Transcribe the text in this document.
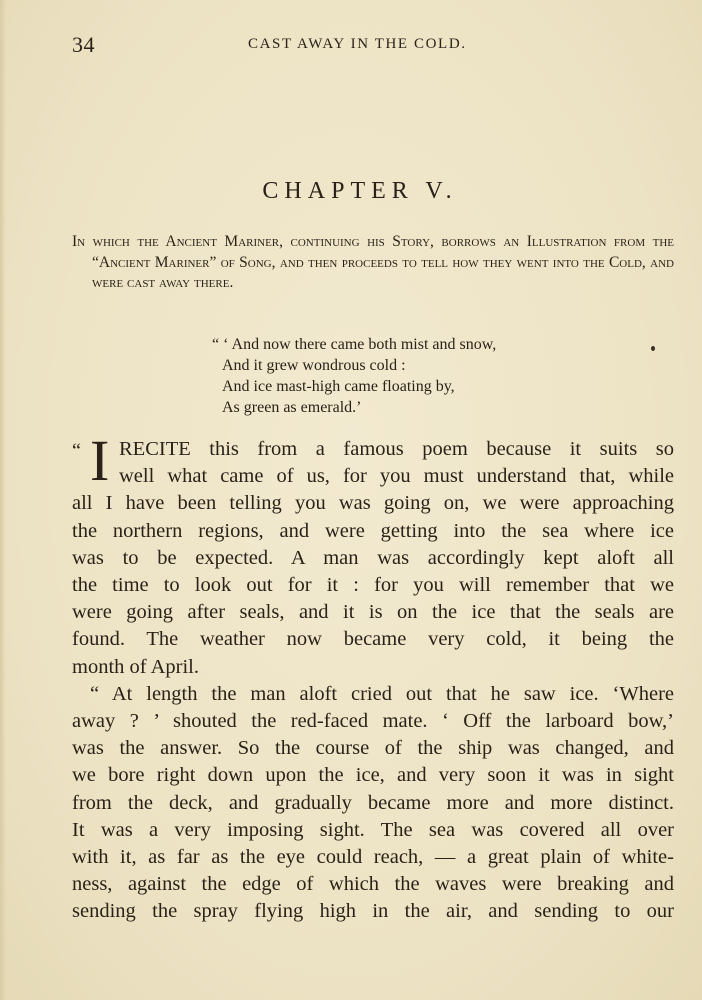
34	CAST AWAY IN THE COLD.
CHAPTER V.
In which the Ancient Mariner, continuing his Story, borrows an Illustration from the “Ancient Mariner” of Song, and then proceeds to tell how they went into the Cold, and were cast away there.
“ ‘ And now there came both mist and snow,
And it grew wondrous cold :
And ice mast-high came floating by,
As green as emerald.’
“ I RECITE this from a famous poem because it suits so
well what came of us, for you must understand that, while
all I have been telling you was going on, we were approaching
the northern regions, and were getting into the sea where ice
was to be expected. A man was accordingly kept aloft all
the time to look out for it : for you will remember that we
were going after seals, and it is on the ice that the seals are
found. The weather now became very cold, it being the
month of April.
“ At length the man aloft cried out that he saw ice. ‘Where
away ? ’ shouted the red-faced mate. ‘ Off the larboard bow,’
was the answer. So the course of the ship was changed, and
we bore right down upon the ice, and very soon it was in sight
from the deck, and gradually became more and more distinct.
It was a very imposing sight. The sea was covered all over
with it, as far as the eye could reach, — a great plain of white-
ness, against the edge of which the waves were breaking and
sending the spray flying high in the air, and sending to our
